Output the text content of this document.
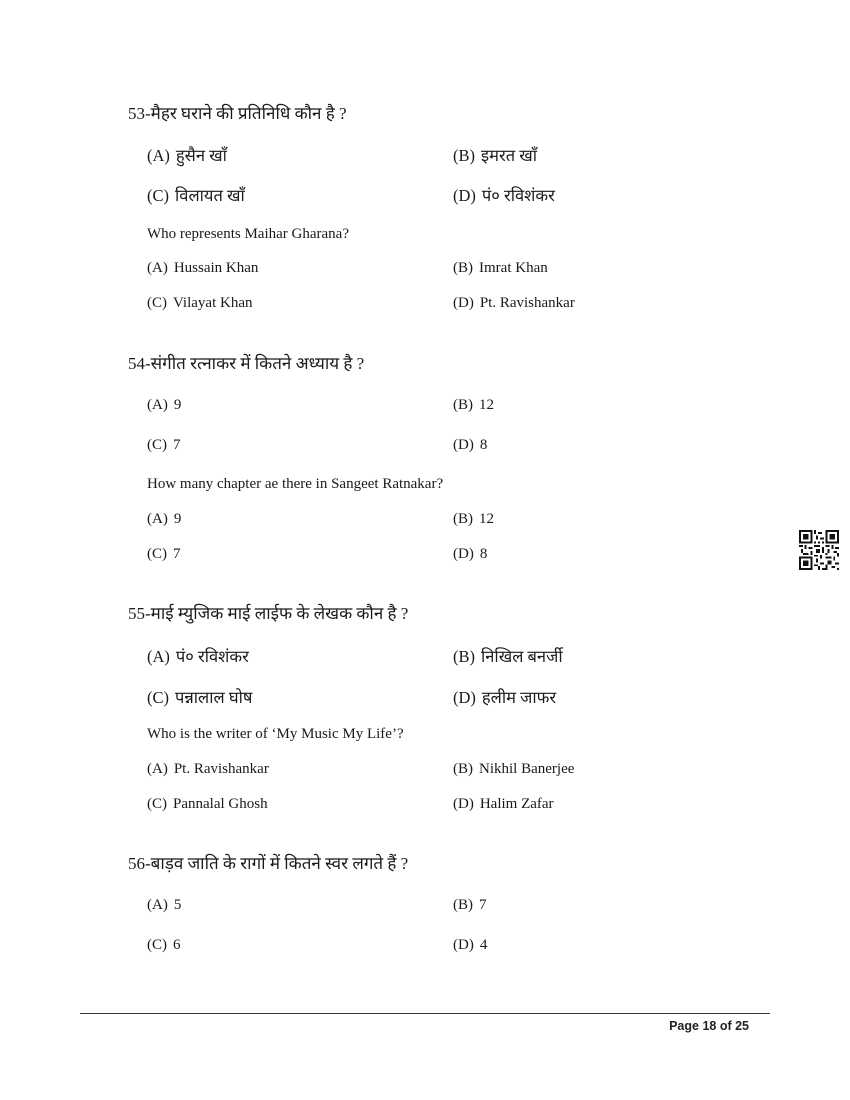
53-मैहर घराने की प्रतिनिधि कौन है ?
(A) हुसैन खाँ	(B) इमरत खाँ
(C) विलायत खाँ	(D) पं० रविशंकर
Who represents Maihar Gharana?
(A) Hussain Khan	(B) Imrat Khan
(C) Vilayat Khan	(D) Pt. Ravishankar
54-संगीत रत्नाकर में कितने अध्याय है ?
(A) 9	(B) 12
(C) 7	(D) 8
How many chapter ae there in Sangeet Ratnakar?
(A) 9	(B) 12
(C) 7	(D) 8
55-माई म्युजिक माई लाईफ के लेखक कौन है ?
(A) पं० रविशंकर	(B) निखिल बनर्जी
(C) पन्नालाल घोष	(D) हलीम जाफर
Who is the writer of ‘My Music My Life’?
(A) Pt. Ravishankar	(B) Nikhil Banerjee
(C) Pannalal Ghosh	(D) Halim Zafar
56-बाड़व जाति के रागों में कितने स्वर लगते हैं ?
(A) 5	(B) 7
(C) 6	(D) 4
Page 18 of 25
